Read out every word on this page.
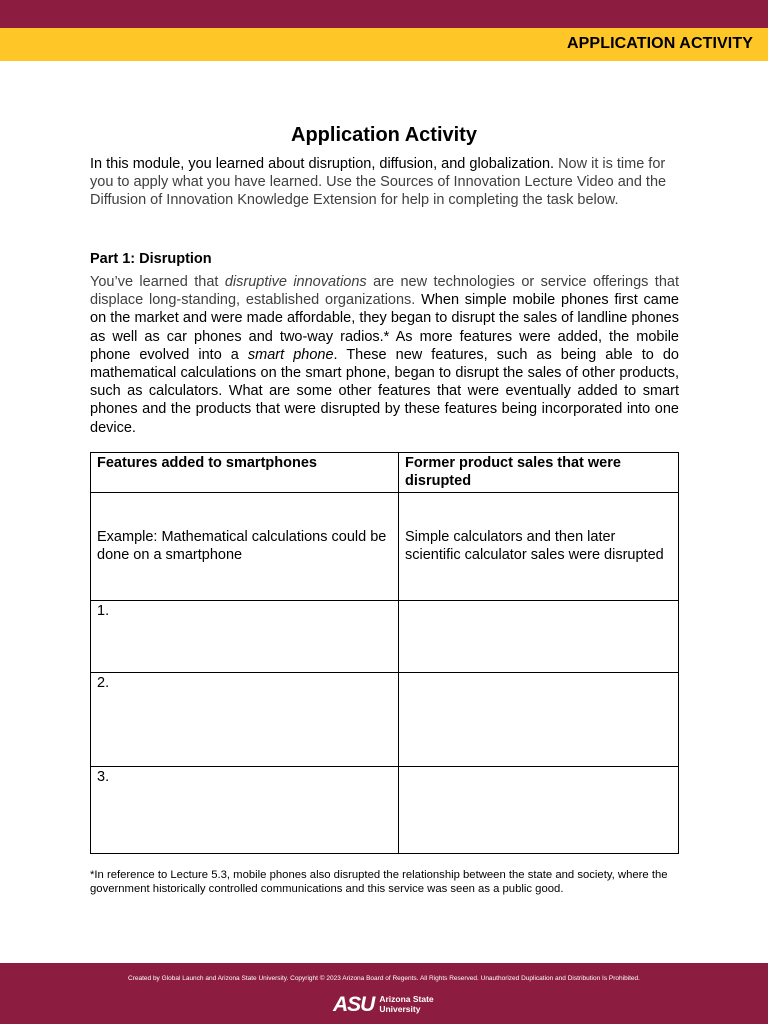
APPLICATION ACTIVITY
Application Activity
In this module, you learned about disruption, diffusion, and globalization. Now it is time for you to apply what you have learned. Use the Sources of Innovation Lecture Video and the Diffusion of Innovation Knowledge Extension for help in completing the task below.
Part 1: Disruption
You’ve learned that disruptive innovations are new technologies or service offerings that displace long-standing, established organizations. When simple mobile phones first came on the market and were made affordable, they began to disrupt the sales of landline phones as well as car phones and two-way radios.* As more features were added, the mobile phone evolved into a smart phone. These new features, such as being able to do mathematical calculations on the smart phone, began to disrupt the sales of other products, such as calculators. What are some other features that were eventually added to smart phones and the products that were disrupted by these features being incorporated into one device.
Features added to smartphones	Former product sales that were disrupted
Example: Mathematical calculations could be done on a smartphone	Simple calculators and then later scientific calculator sales were disrupted
1.	
2.	
3.	
*In reference to Lecture 5.3, mobile phones also disrupted the relationship between the state and society, where the government historically controlled communications and this service was seen as a public good.
Created by Global Launch and Arizona State University. Copyright © 2023 Arizona Board of Regents. All Rights Reserved. Unauthorized Duplication and Distribution Is Prohibited.
ASU Arizona State
University
